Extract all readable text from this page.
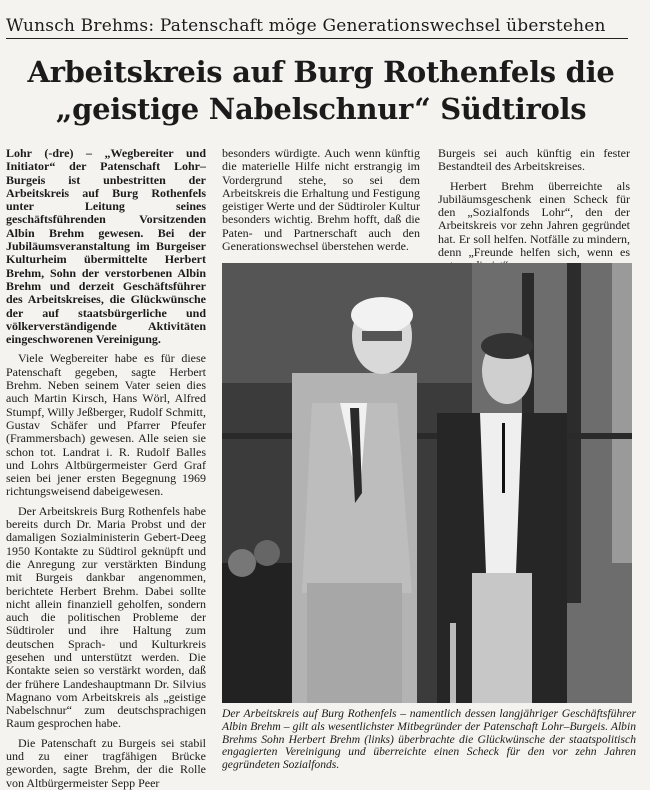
Wunsch Brehms: Patenschaft möge Generationswechsel überstehen
Arbeitskreis auf Burg Rothenfels die
„geistige Nabelschnur“ Südtirols

Lohr (-dre) – „Wegbereiter und Initiator“ der Patenschaft Lohr–Burgeis ist unbestritten der Arbeitskreis auf Burg Rothenfels unter Leitung seines geschäftsführenden Vorsitzenden Albin Brehm gewesen. Bei der Jubiläumsveranstaltung im Burgeiser Kulturheim übermittelte Herbert Brehm, Sohn der verstorbenen Albin Brehm und derzeit Geschäftsführer des Arbeitskreises, die Glückwünsche der auf staatsbürgerliche und völkerverständigende Aktivitäten eingeschworenen Vereinigung.

Viele Wegbereiter habe es für diese Patenschaft gegeben, sagte Herbert Brehm. Neben seinem Vater seien dies auch Martin Kirsch, Hans Wörl, Alfred Stumpf, Willy Jeßberger, Rudolf Schmitt, Gustav Schäfer und Pfarrer Pfeufer (Frammersbach) gewesen. Alle seien sie schon tot. Landrat i. R. Rudolf Balles und Lohrs Altbürgermeister Gerd Graf seien bei jener ersten Begegnung 1969 richtungsweisend dabeigewesen.

Der Arbeitskreis Burg Rothenfels habe bereits durch Dr. Maria Probst und der damaligen Sozialministerin Gebert-Deeg 1950 Kontakte zu Südtirol geknüpft und die Anregung zur verstärkten Bindung mit Burgeis dankbar angenommen, berichtete Herbert Brehm. Dabei sollte nicht allein finanziell geholfen, sondern auch die politischen Probleme der Südtiroler und ihre Haltung zum deutschen Sprach- und Kulturkreis gesehen und unterstützt werden. Die Kontakte seien so verstärkt worden, daß der frühere Landeshauptmann Dr. Silvius Magnano vom Arbeitskreis als „geistige Nabelschnur“ zum deutschsprachigen Raum gesprochen habe.

Die Patenschaft zu Burgeis sei stabil und zu einer tragfähigen Brücke geworden, sagte Brehm, der die Rolle von Altbürgermeister Sepp Peer

besonders würdigte. Auch wenn künftig die materielle Hilfe nicht erstrangig im Vordergrund stehe, so sei dem Arbeitskreis die Erhaltung und Festigung geistiger Werte und der Südtiroler Kultur besonders wichtig. Brehm hofft, daß die Paten- und Partnerschaft auch den Generationswechsel überstehen werde.

Burgeis sei auch künftig ein fester Bestandteil des Arbeitskreises.

Herbert Brehm überreichte als Jubiläumsgeschenk einen Scheck für den „Sozialfonds Lohr“, den der Arbeitskreis vor zehn Jahren gegründet hat. Er soll helfen. Notfälle zu mindern, denn „Freunde helfen sich, wenn es

Der Arbeitskreis auf Burg Rothenfels – namentlich dessen langjähriger Geschäftsführer Albin Brehm – gilt als wesentlichster Mitbegründer der Patenschaft Lohr–Burgeis. Albin Brehms Sohn Herbert Brehm (links) überbrachte die Glückwünsche der staatspolitisch engagierten Vereinigung und überreichte einen Scheck für den vor zehn Jahren gegründeten Sozialfonds.
